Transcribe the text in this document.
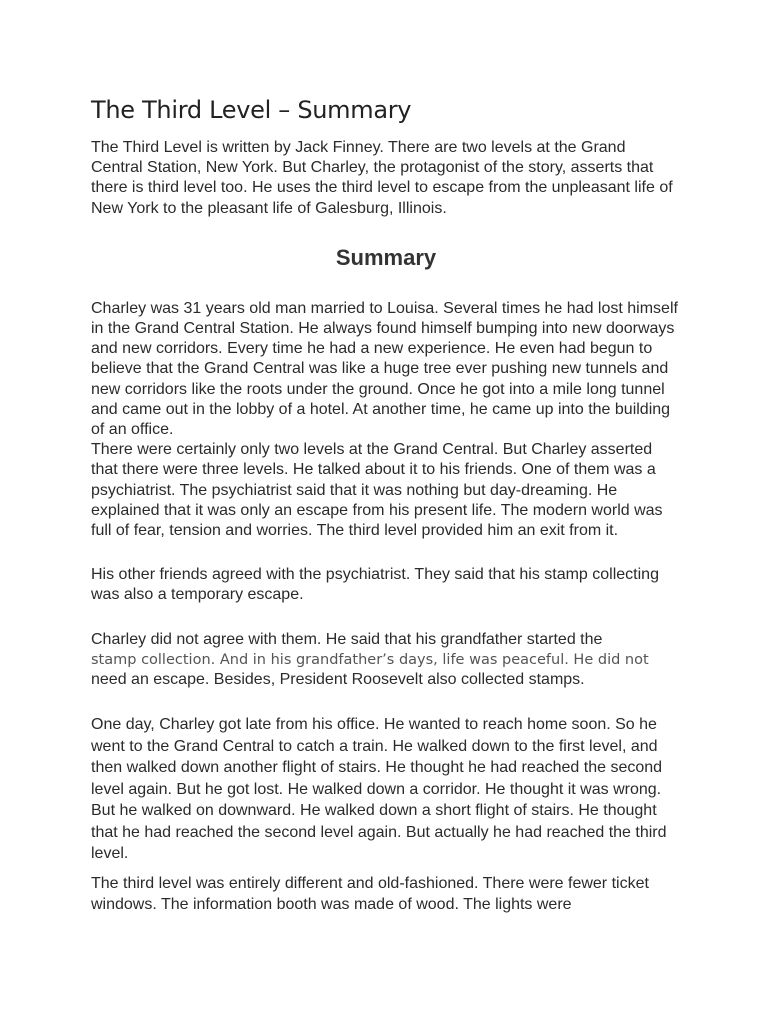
The Third Level – Summary

The Third Level is written by Jack Finney. There are two levels at the Grand Central Station, New York. But Charley, the protagonist of the story, asserts that there is third level too. He uses the third level to escape from the unpleasant life of New York to the pleasant life of Galesburg, Illinois.

Summary

Charley was 31 years old man married to Louisa. Several times he had lost himself in the Grand Central Station. He always found himself bumping into new doorways and new corridors. Every time he had a new experience. He even had begun to believe that the Grand Central was like a huge tree ever pushing new tunnels and new corridors like the roots under the ground. Once he got into a mile long tunnel and came out in the lobby of a hotel. At another time, he came up into the building of an office.

There were certainly only two levels at the Grand Central. But Charley asserted that there were three levels. He talked about it to his friends. One of them was a psychiatrist. The psychiatrist said that it was nothing but day-dreaming. He explained that it was only an escape from his present life. The modern world was full of fear, tension and worries. The third level provided him an exit from it.

His other friends agreed with the psychiatrist. They said that his stamp collecting was also a temporary escape.

Charley did not agree with them. He said that his grandfather started the
stamp collection. And in his grandfather’s days, life was peaceful. He did not
need an escape. Besides, President Roosevelt also collected stamps.

One day, Charley got late from his office. He wanted to reach home soon. So he went to the Grand Central to catch a train. He walked down to the first level, and then walked down another flight of stairs. He thought he had reached the second level again. But he got lost. He walked down a corridor. He thought it was wrong. But he walked on downward. He walked down a short flight of stairs. He thought that he had reached the second level again. But actually he had reached the third level.

The third level was entirely different and old-fashioned. There were fewer ticket windows. The information booth was made of wood. The lights were
